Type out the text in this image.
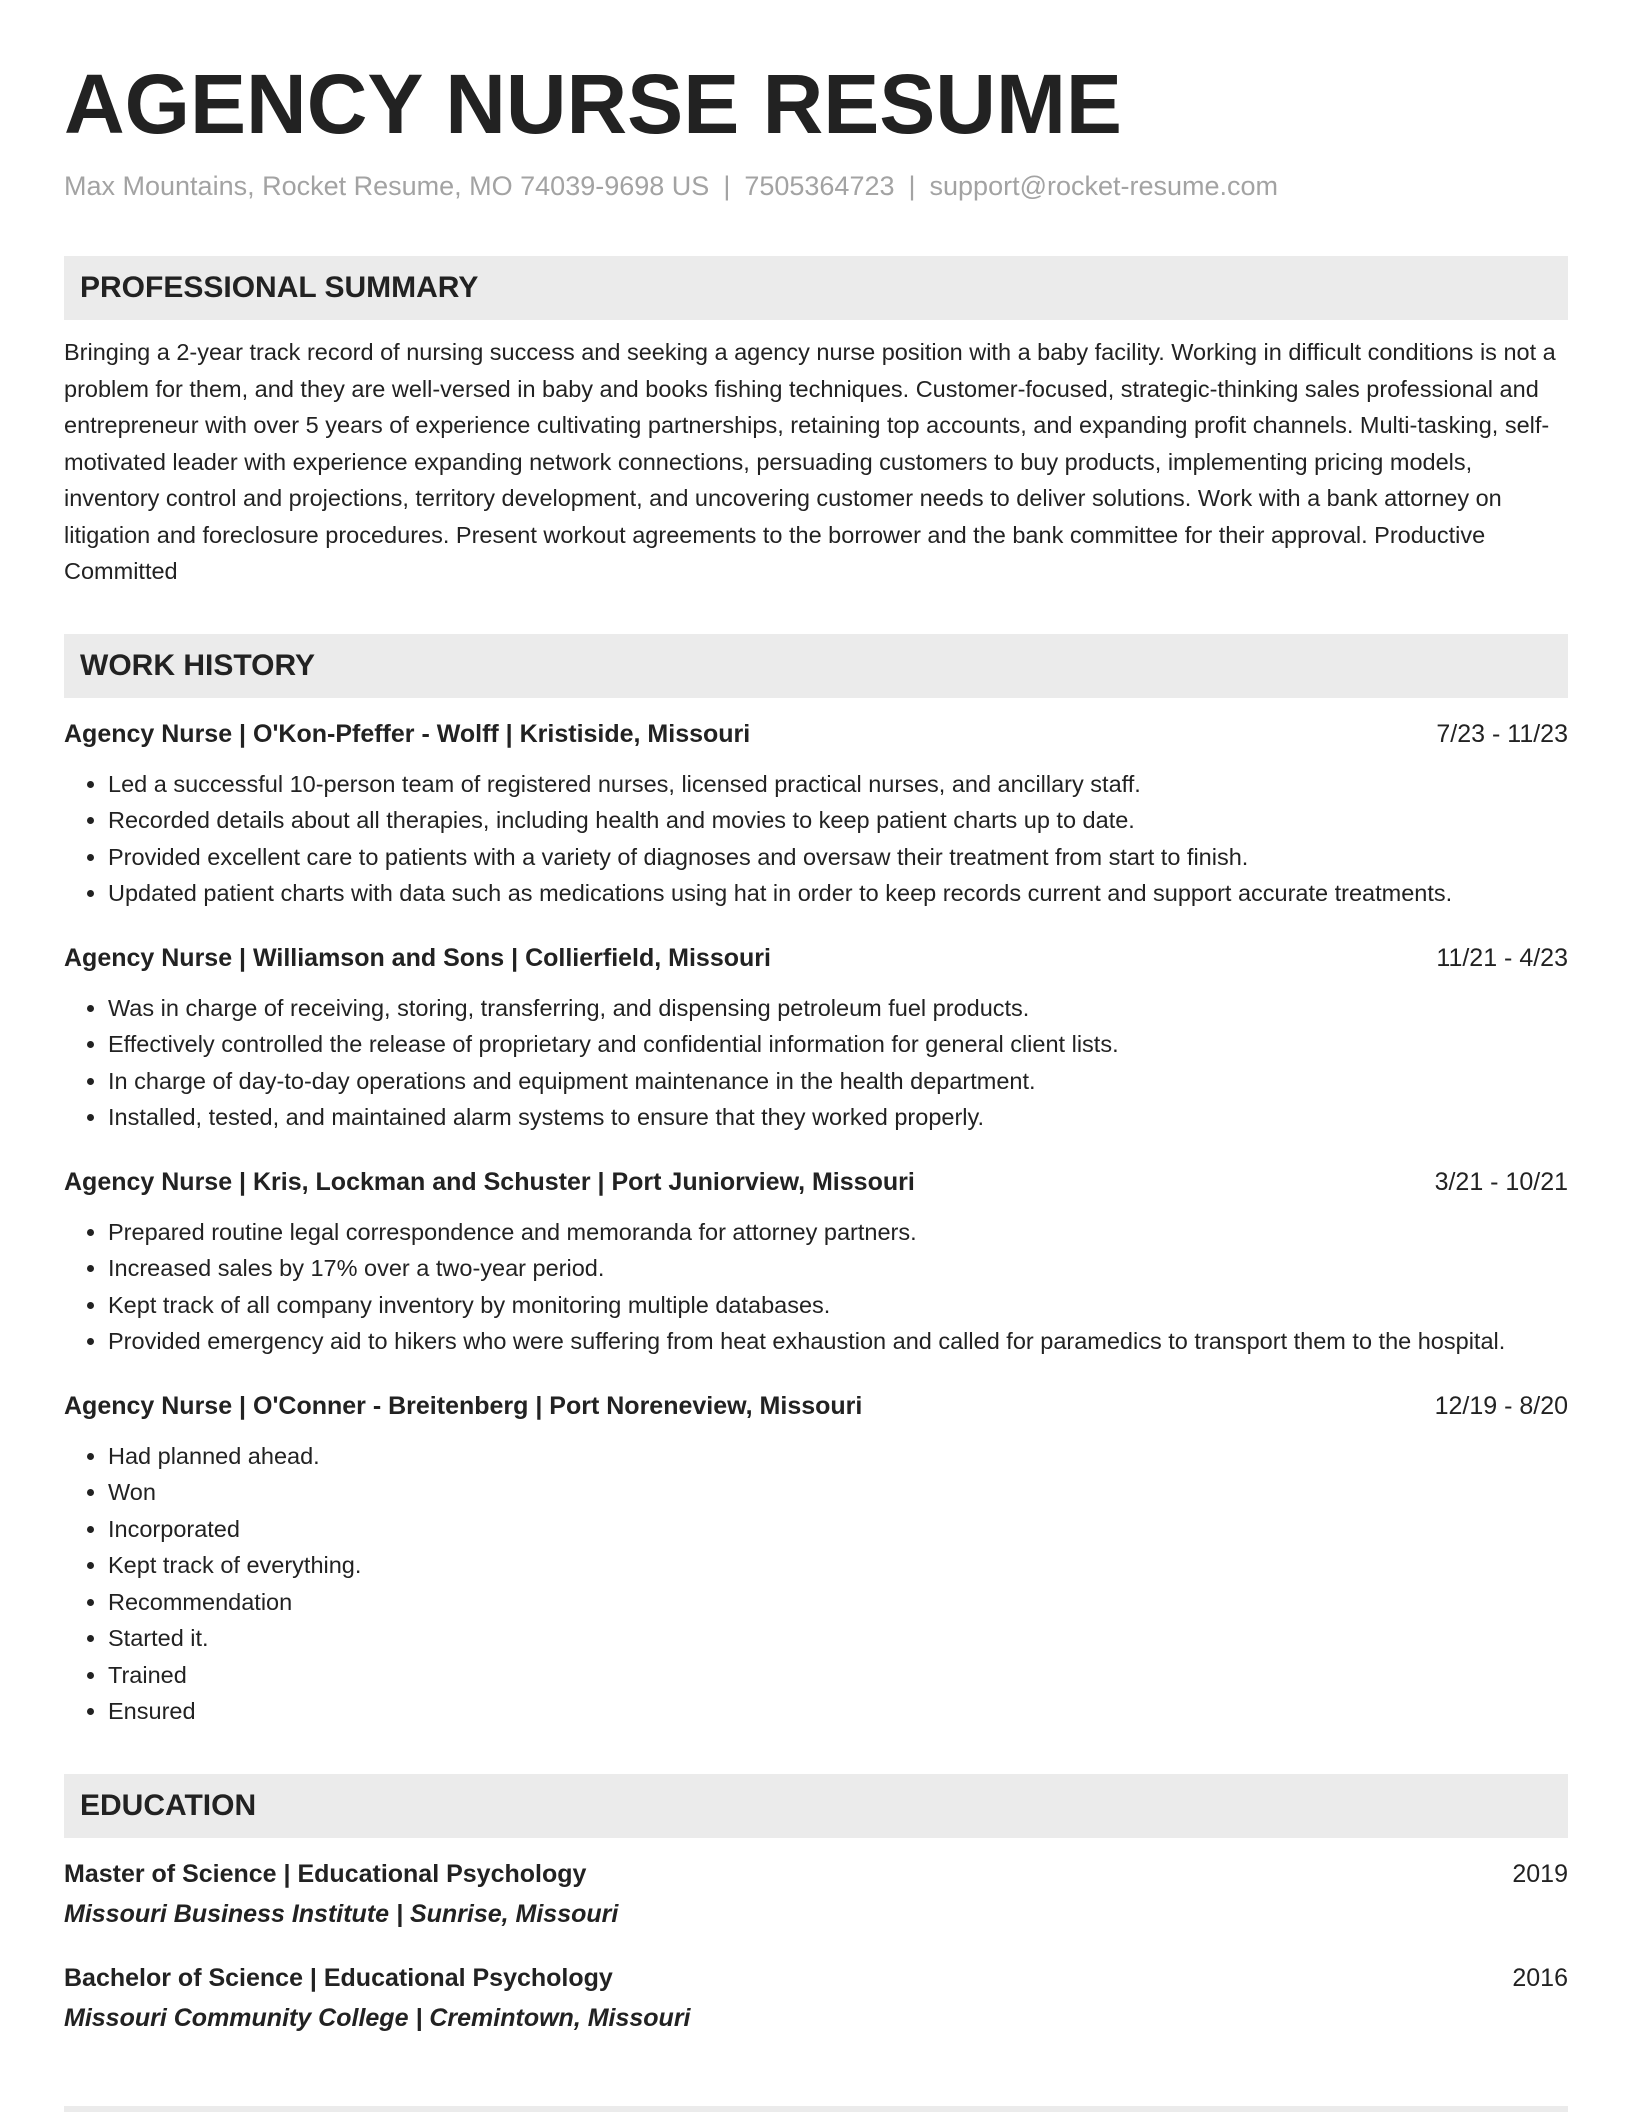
AGENCY NURSE RESUME
Max Mountains, Rocket Resume, MO 74039-9698 US | 7505364723 | support@rocket-resume.com
PROFESSIONAL SUMMARY
Bringing a 2-year track record of nursing success and seeking a agency nurse position with a baby facility. Working in difficult conditions is not a problem for them, and they are well-versed in baby and books fishing techniques. Customer-focused, strategic-thinking sales professional and entrepreneur with over 5 years of experience cultivating partnerships, retaining top accounts, and expanding profit channels. Multi-tasking, self-motivated leader with experience expanding network connections, persuading customers to buy products, implementing pricing models, inventory control and projections, territory development, and uncovering customer needs to deliver solutions. Work with a bank attorney on litigation and foreclosure procedures. Present workout agreements to the borrower and the bank committee for their approval. Productive Committed
WORK HISTORY
Agency Nurse | O'Kon-Pfeffer - Wolff | Kristiside, Missouri	7/23 - 11/23
• Led a successful 10-person team of registered nurses, licensed practical nurses, and ancillary staff.
• Recorded details about all therapies, including health and movies to keep patient charts up to date.
• Provided excellent care to patients with a variety of diagnoses and oversaw their treatment from start to finish.
• Updated patient charts with data such as medications using hat in order to keep records current and support accurate treatments.
Agency Nurse | Williamson and Sons | Collierfield, Missouri	11/21 - 4/23
• Was in charge of receiving, storing, transferring, and dispensing petroleum fuel products.
• Effectively controlled the release of proprietary and confidential information for general client lists.
• In charge of day-to-day operations and equipment maintenance in the health department.
• Installed, tested, and maintained alarm systems to ensure that they worked properly.
Agency Nurse | Kris, Lockman and Schuster | Port Juniorview, Missouri	3/21 - 10/21
• Prepared routine legal correspondence and memoranda for attorney partners.
• Increased sales by 17% over a two-year period.
• Kept track of all company inventory by monitoring multiple databases.
• Provided emergency aid to hikers who were suffering from heat exhaustion and called for paramedics to transport them to the hospital.
Agency Nurse | O'Conner - Breitenberg | Port Noreneview, Missouri	12/19 - 8/20
• Had planned ahead.
• Won
• Incorporated
• Kept track of everything.
• Recommendation
• Started it.
• Trained
• Ensured
EDUCATION
Master of Science | Educational Psychology	2019
Missouri Business Institute | Sunrise, Missouri
Bachelor of Science | Educational Psychology	2016
Missouri Community College | Cremintown, Missouri
